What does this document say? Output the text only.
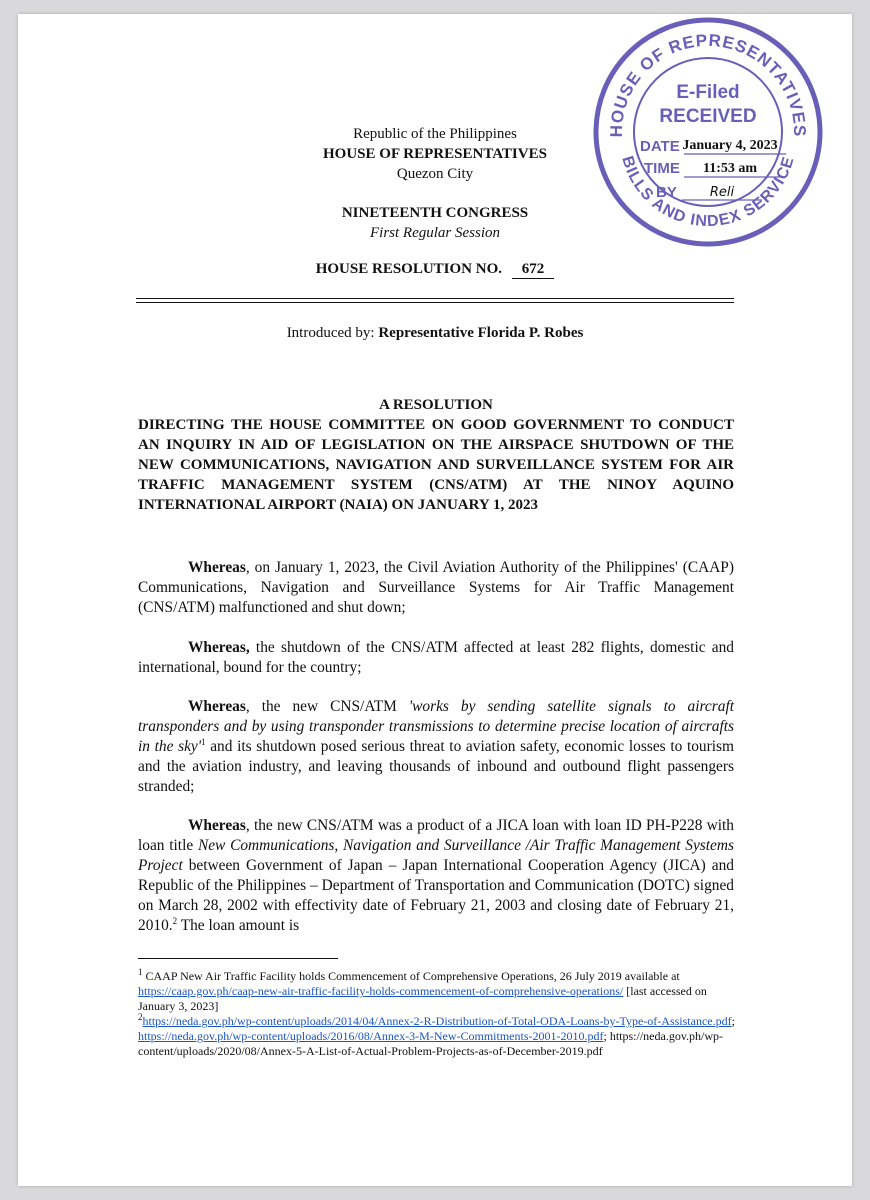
Republic of the Philippines
HOUSE OF REPRESENTATIVES
Quezon City
NINETEENTH CONGRESS
First Regular Session
HOUSE RESOLUTION NO. 672
Introduced by: Representative Florida P. Robes
A RESOLUTION
DIRECTING THE HOUSE COMMITTEE ON GOOD GOVERNMENT TO CONDUCT AN INQUIRY IN AID OF LEGISLATION ON THE AIRSPACE SHUTDOWN OF THE NEW COMMUNICATIONS, NAVIGATION AND SURVEILLANCE SYSTEM FOR AIR TRAFFIC MANAGEMENT SYSTEM (CNS/ATM) AT THE NINOY AQUINO INTERNATIONAL AIRPORT (NAIA) ON JANUARY 1, 2023
Whereas, on January 1, 2023, the Civil Aviation Authority of the Philippines' (CAAP) Communications, Navigation and Surveillance Systems for Air Traffic Management (CNS/ATM) malfunctioned and shut down;
Whereas, the shutdown of the CNS/ATM affected at least 282 flights, domestic and international, bound for the country;
Whereas, the new CNS/ATM 'works by sending satellite signals to aircraft transponders and by using transponder transmissions to determine precise location of aircrafts in the $sky'^1$ and its shutdown posed serious threat to aviation safety, economic losses to tourism and the aviation industry, and leaving thousands of inbound and outbound flight passengers stranded;
Whereas, the new CNS/ATM was a product of a JICA loan with loan ID PH-P228 with loan title New Communications, Navigation and Surveillance /Air Traffic Management Systems Project between Government of Japan – Japan International Cooperation Agency (JICA) and Republic of the Philippines – Department of Transportation and Communication (DOTC) signed on March 28, 2002 with effectivity date of February 21, 2003 and closing date of February 21, 2010.$^2$ The loan amount is
$^1$ CAAP New Air Traffic Facility holds Commencement of Comprehensive Operations, 26 July 2019 available at https://caap.gov.ph/caap-new-air-traffic-facility-holds-commencement-of-comprehensive-operations/ [last accessed on January 3, 2023]
$^2$https://neda.gov.ph/wp-content/uploads/2014/04/Annex-2-R-Distribution-of-Total-ODA-Loans-by-Type-of-Assistance.pdf; https://neda.gov.ph/wp-content/uploads/2016/08/Annex-3-M-New-Commitments-2001-2010.pdf; https://neda.gov.ph/wp-content/uploads/2020/08/Annex-5-A-List-of-Actual-Problem-Projects-as-of-December-2019.pdf
HOUSE OF REPRESENTATIVES
BILLS AND INDEX SERVICE
E-Filed
RECEIVED
DATE January 4, 2023
TIME 11:53 am
BY	Reli
